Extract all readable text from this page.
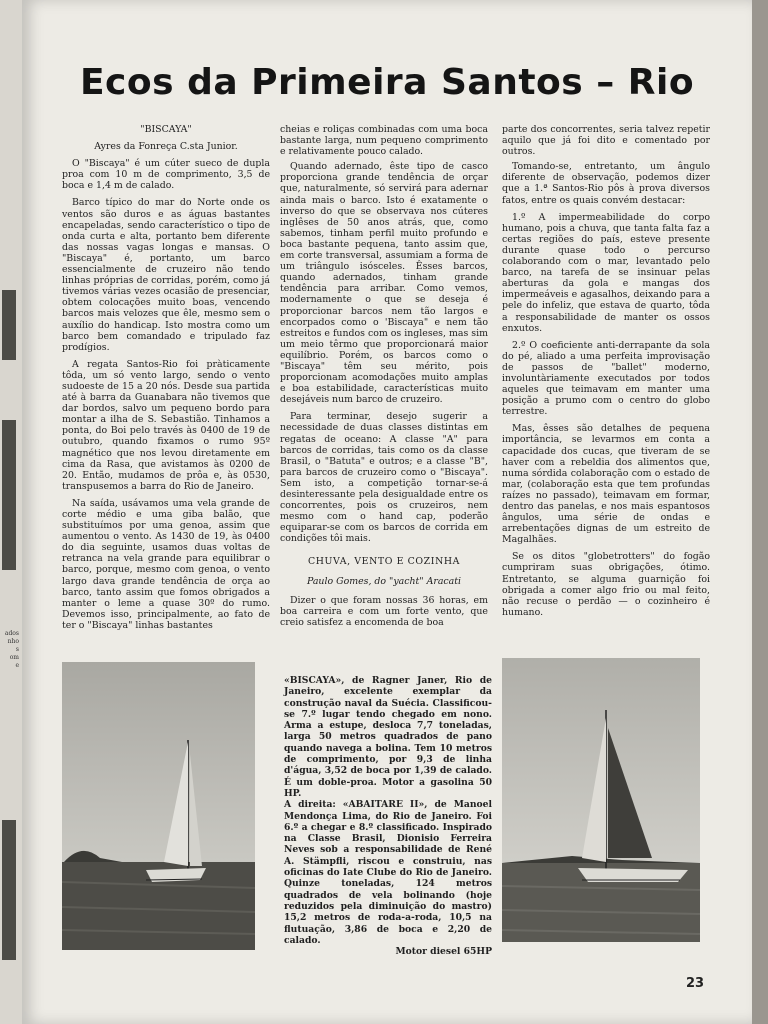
ados
nho
s
om
e
Ecos da Primeira Santos – Rio

"BISCAYA"

Ayres da Fonreça C.sta Junior.

O "Biscaya" é um cúter sueco de dupla proa com 10 m de comprimento, 3,5 de boca e 1,4 m de calado.

Barco típico do mar do Norte onde os ventos são duros e as águas bastantes encapeladas, sendo característico o tipo de onda curta e alta, portanto bem diferente das nossas vagas longas e mansas. O "Biscaya" é, portanto, um barco essencialmente de cruzeiro não tendo linhas próprias de corridas, porém, como já tivemos várias vezes ocasião de presenciar, obtem colocações muito boas, vencendo barcos mais velozes que êle, mesmo sem o auxílio do handicap. Isto mostra como um barco bem comandado e tripulado faz prodígios.

A regata Santos-Rio foi pràticamente tôda, um só vento largo, sendo o vento sudoeste de 15 a 20 nós. Desde sua partida até à barra da Guanabara não tivemos que dar bordos, salvo um pequeno bordo para montar a ilha de S. Sebastião. Tinhamos a ponta, do Boi pelo través às 0400 de 19 de outubro, quando fixamos o rumo 95º magnético que nos levou diretamente em cima da Rasa, que avistamos às 0200 de 20. Então, mudamos de prôa e, às 0530, transpusemos a barra do Rio de Janeiro.

Na saída, usávamos uma vela grande de corte médio e uma giba balão, que substituímos por uma genoa, assim que aumentou o vento. As 1430 de 19, às 0400 do dia seguinte, usamos duas voltas de retranca na vela grande para equilibrar o barco, porque, mesmo com genoa, o vento largo dava grande tendência de orça ao barco, tanto assim que fomos obrigados a manter o leme a quase 30º do rumo. Devemos isso, principalmente, ao fato de ter o "Biscaya" linhas bastantes

cheias e roliças combinadas com uma boca bastante larga, num pequeno comprimento e relativamente pouco calado.

Quando adernado, êste tipo de casco proporciona grande tendência de orçar que, naturalmente, só servirá para adernar ainda mais o barco. Isto é exatamente o inverso do que se observava nos cúteres inglêses de 50 anos atrás, que, como sabemos, tinham perfil muito profundo e boca bastante pequena, tanto assim que, em corte transversal, assumiam a forma de um triângulo isósceles. Êsses barcos, quando adernados, tinham grande tendência para arribar. Como vemos, modernamente o que se deseja é proporcionar barcos nem tão largos e encorpados como o 'Biscaya" e nem tão estreitos e fundos com os ingleses, mas sim um meio têrmo que proporcionará maior equilíbrio. Porém, os barcos como o "Biscaya" têm seu mérito, pois proporcionam acomodações muito amplas e boa estabilidade, características muito desejáveis num barco de cruzeiro.

Para terminar, desejo sugerir a necessidade de duas classes distintas em regatas de oceano: A classe "A" para barcos de corridas, tais como os da classe Brasil, o "Batuta" e outros; e a classe "B", para barcos de cruzeiro como o "Biscaya". Sem isto, a competição tornar-se-á desinteressante pela desigualdade entre os concorrentes, pois os cruzeiros, nem mesmo com o hand cap, poderão equiparar-se com os barcos de corrida em condições tôi mais.

CHUVA, VENTO E COZINHA

Paulo Gomes, do "yacht" Aracati

Dizer o que foram nossas 36 horas, em boa carreira e com um forte vento, que creio satisfez a encomenda de boa

parte dos concorrentes, seria talvez repetir aquilo que já foi dito e comentado por outros.

Tomando-se, entretanto, um ângulo diferente de observação, podemos dizer que a 1.ª Santos-Rio pôs à prova diversos fatos, entre os quais convém destacar:

1.º A impermeabilidade do corpo humano, pois a chuva, que tanta falta faz a certas regiões do país, esteve presente durante quase todo o percurso colaborando com o mar, levantado pelo barco, na tarefa de se insinuar pelas aberturas da gola e mangas dos impermeáveis e agasalhos, deixando para a pele do infeliz, que estava de quarto, tôda a responsabilidade de manter os ossos enxutos.

2.º O coeficiente anti-derrapante da sola do pé, aliado a uma perfeita improvisação de passos de "ballet" moderno, involuntàriamente executados por todos aqueles que teimavam em manter uma posição a prumo com o centro do globo terrestre.

Mas, êsses são detalhes de pequena importância, se levarmos em conta a capacidade dos cucas, que tiveram de se haver com a rebeldia dos alimentos que, numa sórdida colaboração com o estado de mar, (colaboração esta que tem profundas raízes no passado), teimavam em formar, dentro das panelas, e nos mais espantosos ângulos, uma série de ondas e arrebentações dignas de um estreito de Magalhães.

Se os ditos "globetrotters" do fogão cumpriram suas obrigações, ótimo. Entretanto, se alguma guarnição foi obrigada a comer algo frio ou mal feito, não recuse o perdão — o cozinheiro é humano.

«BISCAYA», de Ragner Janer, Rio de Janeiro, excelente exemplar da construção naval da Suécia. Classificou-se 7.º lugar tendo chegado em nono. Arma a estupe, desloca 7,7 toneladas, larga 50 metros quadrados de pano quando navega a bolina. Tem 10 metros de comprimento, por 9,3 de linha d'água, 3,52 de boca por 1,39 de calado. É um doble-proa. Motor a gasolina 50 HP.

A direita: «ABAITARE II», de Manoel Mendonça Lima, do Rio de Janeiro. Foi 6.º a chegar e 8.º classificado. Inspirado na Classe Brasil, Dionisio Ferreira Neves sob a responsabilidade de René A. Stämpfli, riscou e construiu, nas oficinas do Iate Clube do Rio de Janeiro. Quinze toneladas, 124 metros quadrados de vela bolinando (hoje reduzidos pela diminuição do mastro) 15,2 metros de roda-a-roda, 10,5 na flutuação, 3,86 de boca e 2,20 de calado.

Motor diesel 65HP

23
